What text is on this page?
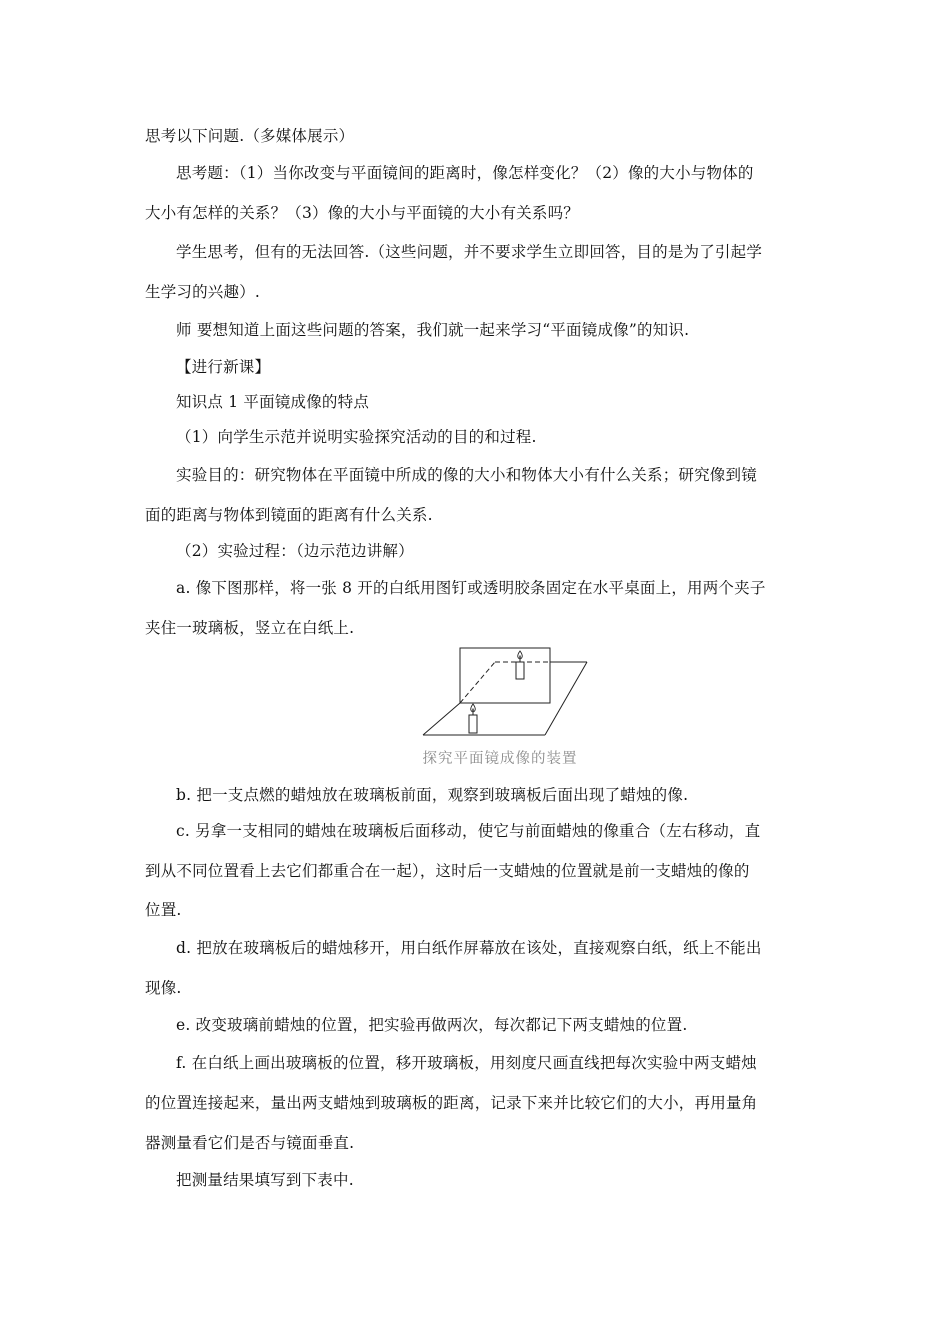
思考以下问题.（多媒体展示）
思考题：（1）当你改变与平面镜间的距离时，像怎样变化？（2）像的大小与物体的
大小有怎样的关系？（3）像的大小与平面镜的大小有关系吗？
学生思考，但有的无法回答.（这些问题，并不要求学生立即回答，目的是为了引起学
生学习的兴趣）.
师 要想知道上面这些问题的答案，我们就一起来学习“平面镜成像”的知识.
【进行新课】
知识点 1 平面镜成像的特点
（1）向学生示范并说明实验探究活动的目的和过程.
实验目的：研究物体在平面镜中所成的像的大小和物体大小有什么关系；研究像到镜
面的距离与物体到镜面的距离有什么关系.
（2）实验过程：（边示范边讲解）
a. 像下图那样，将一张 8 开的白纸用图钉或透明胶条固定在水平桌面上，用两个夹子
夹住一玻璃板，竖立在白纸上.
探究平面镜成像的装置
b. 把一支点燃的蜡烛放在玻璃板前面，观察到玻璃板后面出现了蜡烛的像.
c. 另拿一支相同的蜡烛在玻璃板后面移动，使它与前面蜡烛的像重合（左右移动，直
到从不同位置看上去它们都重合在一起），这时后一支蜡烛的位置就是前一支蜡烛的像的
位置.
d. 把放在玻璃板后的蜡烛移开，用白纸作屏幕放在该处，直接观察白纸，纸上不能出
现像.
e. 改变玻璃前蜡烛的位置，把实验再做两次，每次都记下两支蜡烛的位置.
f. 在白纸上画出玻璃板的位置，移开玻璃板，用刻度尺画直线把每次实验中两支蜡烛
的位置连接起来，量出两支蜡烛到玻璃板的距离，记录下来并比较它们的大小，再用量角
器测量看它们是否与镜面垂直.
把测量结果填写到下表中.
